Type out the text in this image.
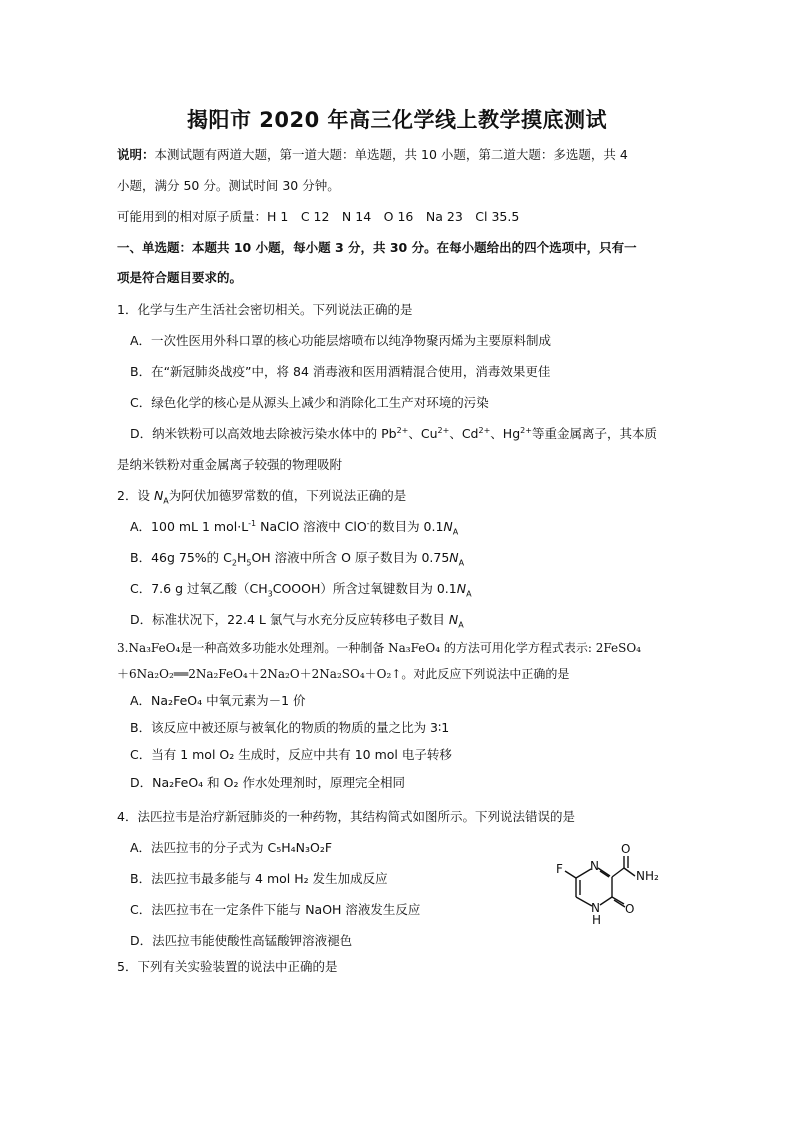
揭阳市 2020 年高三化学线上教学摸底测试
说明：本测试题有两道大题，第一道大题：单选题，共 10 小题，第二道大题：多选题，共 4
小题，满分 50 分。测试时间 30 分钟。
可能用到的相对原子质量：H 1　C 12　N 14　O 16　Na 23　Cl 35.5
一、单选题：本题共 10 小题，每小题 3 分，共 30 分。在每小题给出的四个选项中，只有一
项是符合题目要求的。
1．化学与生产生活社会密切相关。下列说法正确的是
A．一次性医用外科口罩的核心功能层熔喷布以纯净物聚丙烯为主要原料制成
B．在“新冠肺炎战疫”中，将 84 消毒液和医用酒精混合使用，消毒效果更佳
C．绿色化学的核心是从源头上减少和消除化工生产对环境的污染
D．纳米铁粉可以高效地去除被污染水体中的 $Pb^{2+}$、$Cu^{2+}$、$Cd^{2+}$、$Hg^{2+}$等重金属离子，其本质
是纳米铁粉对重金属离子较强的物理吸附
2．设 $N_A$为阿伏加德罗常数的值，下列说法正确的是
A．100 mL 1 $mol\cdot L^{-1}$ NaClO 溶液中 ClO-的数目为 $0.1N_A$
B．46g 75%的 $C_2H_5OH$ 溶液中所含 O 原子数目为 $0.75N_A$
C．7.6 g 过氧乙酸$(CH_3COOOH)$所含过氧键数目为 $0.1N_A$
D．标准状况下，22.4 L 氯气与水充分反应转移电子数目 $N_A$
3.Na₃FeO₄是一种高效多功能水处理剂。一种制备 Na₃FeO₄ 的方法可用化学方程式表示: 2FeSO₄
＋6Na₂O₂══2Na₂FeO₄＋2Na₂O＋2Na₂SO₄＋O₂↑。对此反应下列说法中正确的是
A．Na₂FeO₄ 中氧元素为－1 价
B．该反应中被还原与被氧化的物质的物质的量之比为 3∶1
C．当有 1 mol O₂ 生成时，反应中共有 10 mol 电子转移
D．Na₂FeO₄ 和 O₂ 作水处理剂时，原理完全相同
4．法匹拉韦是治疗新冠肺炎的一种药物，其结构简式如图所示。下列说法错误的是
A．法匹拉韦的分子式为 C₅H₄N₃O₂F
B．法匹拉韦最多能与 4 mol H₂ 发生加成反应
C．法匹拉韦在一定条件下能与 NaOH 溶液发生反应
D．法匹拉韦能使酸性高锰酸钾溶液褪色
F N
N
H
O
O
NH₂
5．下列有关实验装置的说法中正确的是
